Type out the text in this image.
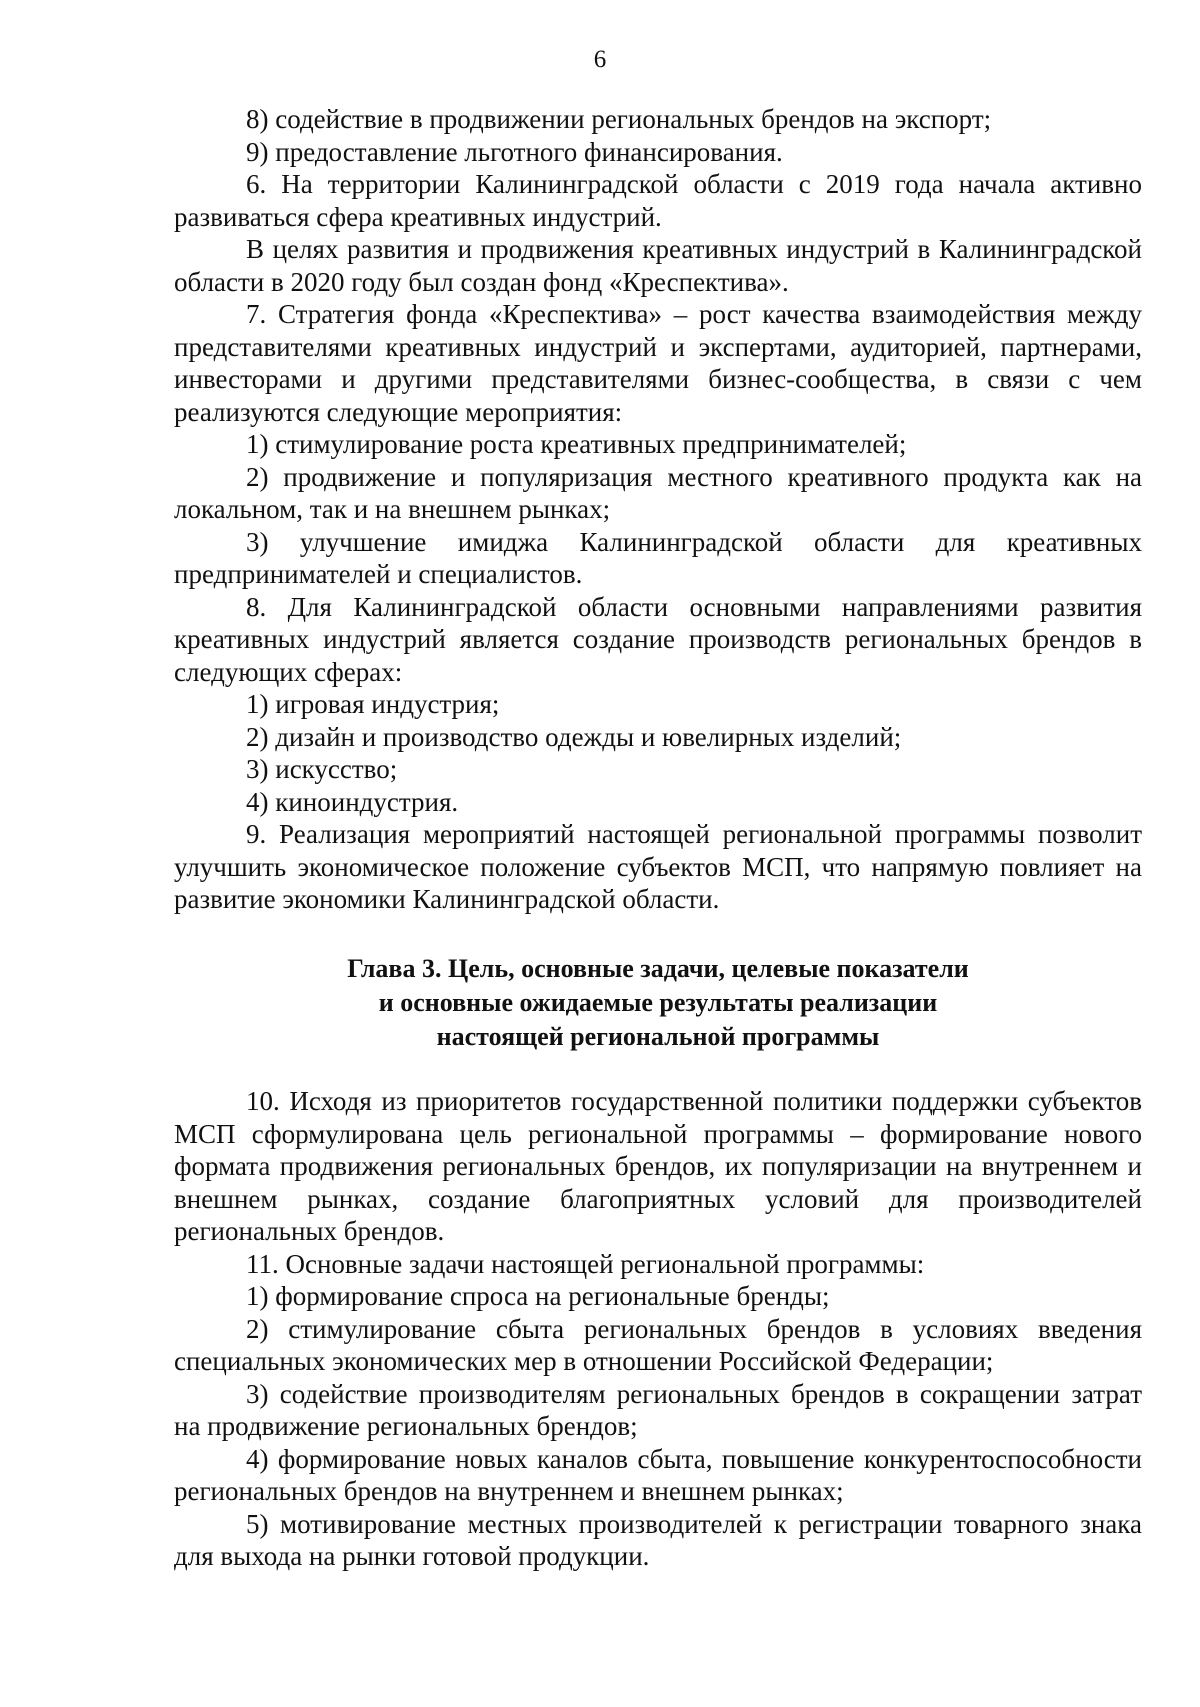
6

8) содействие в продвижении региональных брендов на экспорт;

9) предоставление льготного финансирования.

6. На территории Калининградской области с 2019 года начала активно развиваться сфера креативных индустрий.

В целях развития и продвижения креативных индустрий в Калининградской области в 2020 году был создан фонд «Креспектива».

7. Стратегия фонда «Креспектива» – рост качества взаимодействия между представителями креативных индустрий и экспертами, аудиторией, партнерами, инвесторами и другими представителями бизнес-сообщества, в связи с чем реализуются следующие мероприятия:

1) стимулирование роста креативных предпринимателей;

2) продвижение и популяризация местного креативного продукта как на локальном, так и на внешнем рынках;

3) улучшение имиджа Калининградской области для креативных предпринимателей и специалистов.

8. Для Калининградской области основными направлениями развития креативных индустрий является создание производств региональных брендов в следующих сферах:

1) игровая индустрия;

2) дизайн и производство одежды и ювелирных изделий;

3) искусство;

4) киноиндустрия.

9. Реализация мероприятий настоящей региональной программы позволит улучшить экономическое положение субъектов МСП, что напрямую повлияет на развитие экономики Калининградской области.

Глава 3. Цель, основные задачи, целевые показатели
и основные ожидаемые результаты реализации
настоящей региональной программы

10. Исходя из приоритетов государственной политики поддержки субъектов МСП сформулирована цель региональной программы – формирование нового формата продвижения региональных брендов, их популяризации на внутреннем и внешнем рынках, создание благоприятных условий для производителей региональных брендов.

11. Основные задачи настоящей региональной программы:

1) формирование спроса на региональные бренды;

2) стимулирование сбыта региональных брендов в условиях введения специальных экономических мер в отношении Российской Федерации;

3) содействие производителям региональных брендов в сокращении затрат на продвижение региональных брендов;

4) формирование новых каналов сбыта, повышение конкурентоспособности региональных брендов на внутреннем и внешнем рынках;

5) мотивирование местных производителей к регистрации товарного знака для выхода на рынки готовой продукции.
